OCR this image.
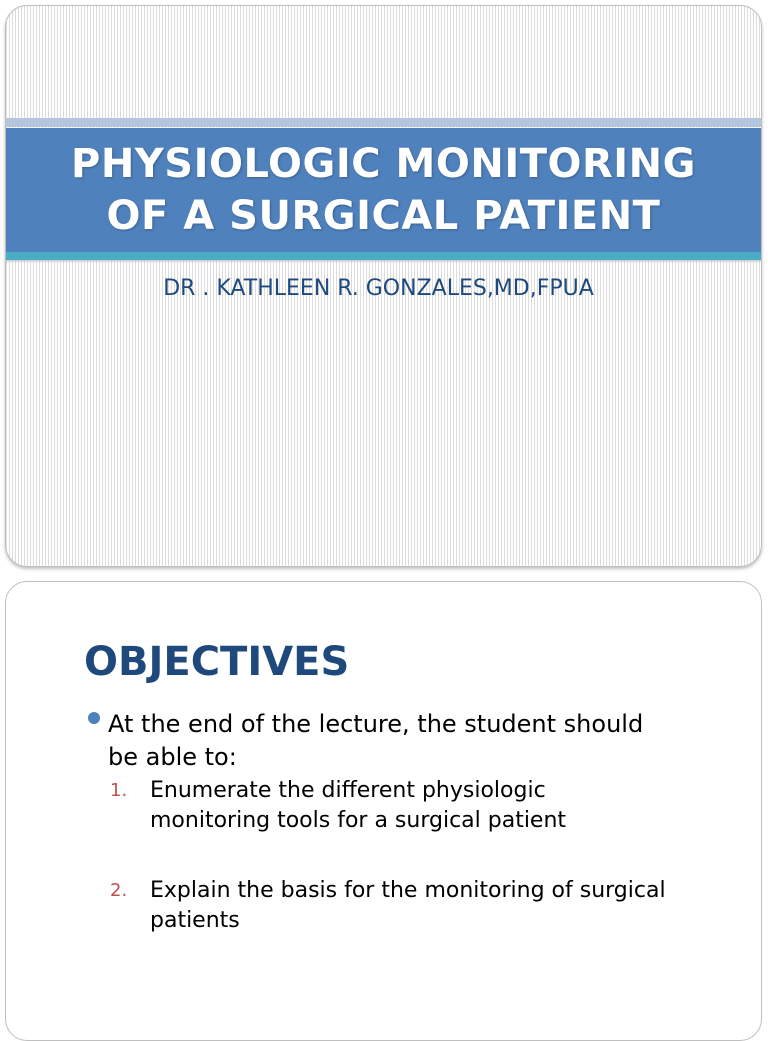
PHYSIOLOGIC MONITORING
OF A SURGICAL PATIENT
DR . KATHLEEN R. GONZALES,MD,FPUA
OBJECTIVES
At the end of the lecture, the student should be able to:
1. Enumerate the different physiologic monitoring tools for a surgical patient
2. Explain the basis for the monitoring of surgical patients
